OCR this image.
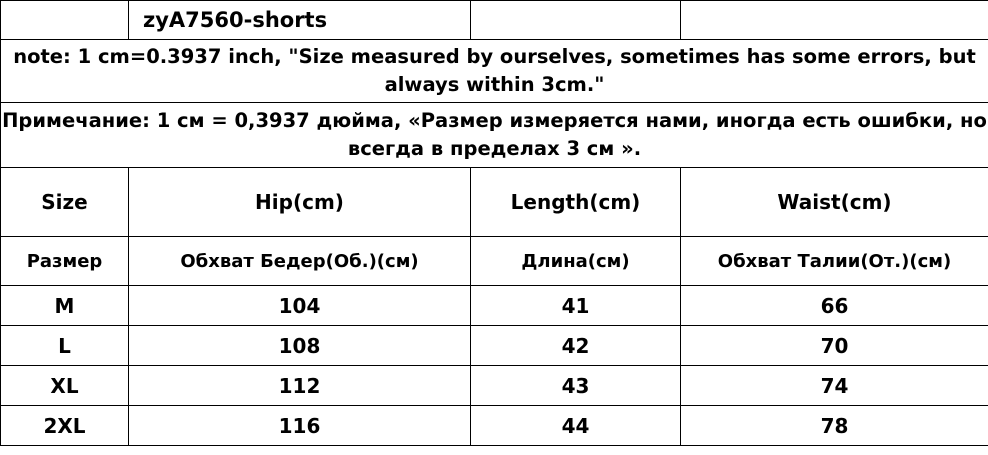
	zyA7560-shorts		
note: 1 cm=0.3937 inch, "Size measured by ourselves, sometimes has some errors, but always within 3cm."			
Примечание: 1 см = 0,3937 дюйма, «Размер измеряется нами, иногда есть ошибки, но всегда в пределах 3 см ».			
Size	Hip(cm)	Length(cm)	Waist(cm)
Размер	Обхват Бедер(Об.)(см)	Длина(см)	Обхват Талии(От.)(см)
M	104	41	66
L	108	42	70
XL	112	43	74
2XL	116	44	78
